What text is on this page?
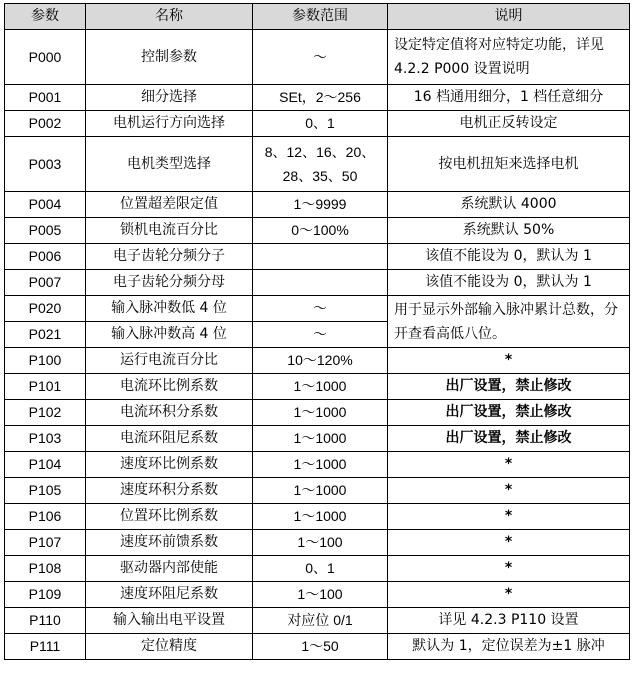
参数	名称	参数范围	说明
P000	控制参数	～	设定特定值将对应特定功能，详见 4.2.2 P000 设置说明
P001	细分选择	SEt，2～256	16 档通用细分，1 档任意细分
P002	电机运行方向选择	0、1	电机正反转设定
P003	电机类型选择	8、12、16、20、28、35、50	按电机扭矩来选择电机
P004	位置超差限定值	1～9999	系统默认 4000
P005	锁机电流百分比	0～100%	系统默认 50%
P006	电子齿轮分频分子		该值不能设为 0，默认为 1
P007	电子齿轮分频分母		该值不能设为 0，默认为 1
P020	输入脉冲数低 4 位	～	用于显示外部输入脉冲累计总数，分开查看高低八位。
P021	输入脉冲数高 4 位	～	
P100	运行电流百分比	10～120%	*
P101	电流环比例系数	1～1000	出厂设置，禁止修改
P102	电流环积分系数	1～1000	出厂设置，禁止修改
P103	电流环阻尼系数	1～1000	出厂设置，禁止修改
P104	速度环比例系数	1～1000	*
P105	速度环积分系数	1～1000	*
P106	位置环比例系数	1～1000	*
P107	速度环前馈系数	1～100	*
P108	驱动器内部使能	0、1	*
P109	速度环阻尼系数	1～100	*
P110	输入输出电平设置	对应位 0/1	详见 4.2.3 P110 设置
P111	定位精度	1～50	默认为 1，定位误差为±1 脉冲
